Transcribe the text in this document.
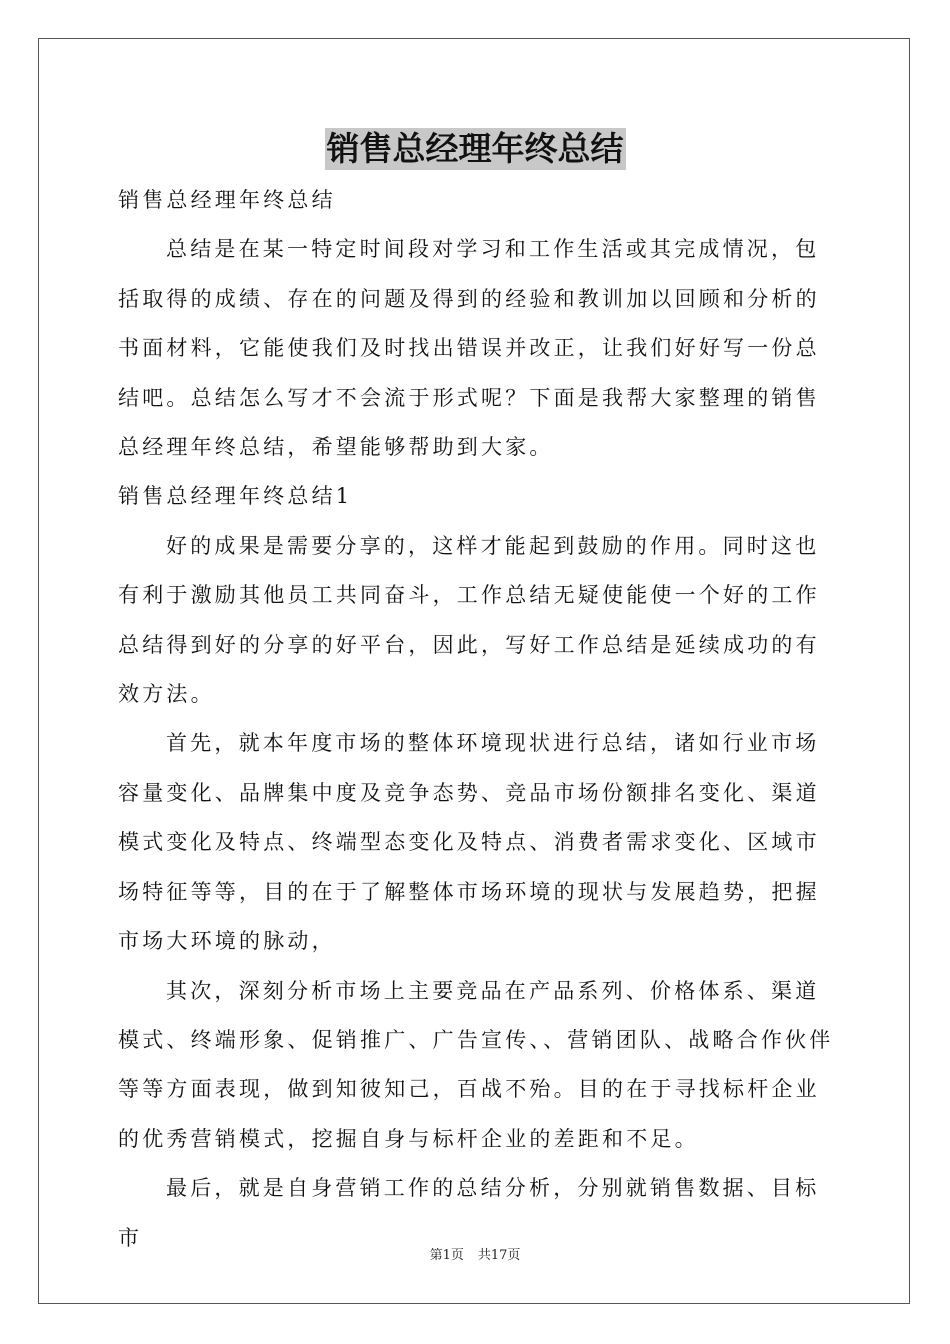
销售总经理年终总结

销售总经理年终总结

总结是在某一特定时间段对学习和工作生活或其完成情况，包括取得的成绩、存在的问题及得到的经验和教训加以回顾和分析的书面材料，它能使我们及时找出错误并改正，让我们好好写一份总结吧。总结怎么写才不会流于形式呢？下面是我帮大家整理的销售总经理年终总结，希望能够帮助到大家。

销售总经理年终总结1

好的成果是需要分享的，这样才能起到鼓励的作用。同时这也有利于激励其他员工共同奋斗，工作总结无疑使能使一个好的工作总结得到好的分享的好平台，因此，写好工作总结是延续成功的有效方法。

首先，就本年度市场的整体环境现状进行总结，诸如行业市场容量变化、品牌集中度及竞争态势、竞品市场份额排名变化、渠道模式变化及特点、终端型态变化及特点、消费者需求变化、区域市场特征等等，目的在于了解整体市场环境的现状与发展趋势，把握市场大环境的脉动，

其次，深刻分析市场上主要竞品在产品系列、价格体系、渠道模式、终端形象、促销推广、广告宣传、、营销团队、战略合作伙伴等等方面表现，做到知彼知己，百战不殆。目的在于寻找标杆企业的优秀营销模式，挖掘自身与标杆企业的差距和不足。

最后，就是自身营销工作的总结分析，分别就销售数据、目标市

第1页 共17页
